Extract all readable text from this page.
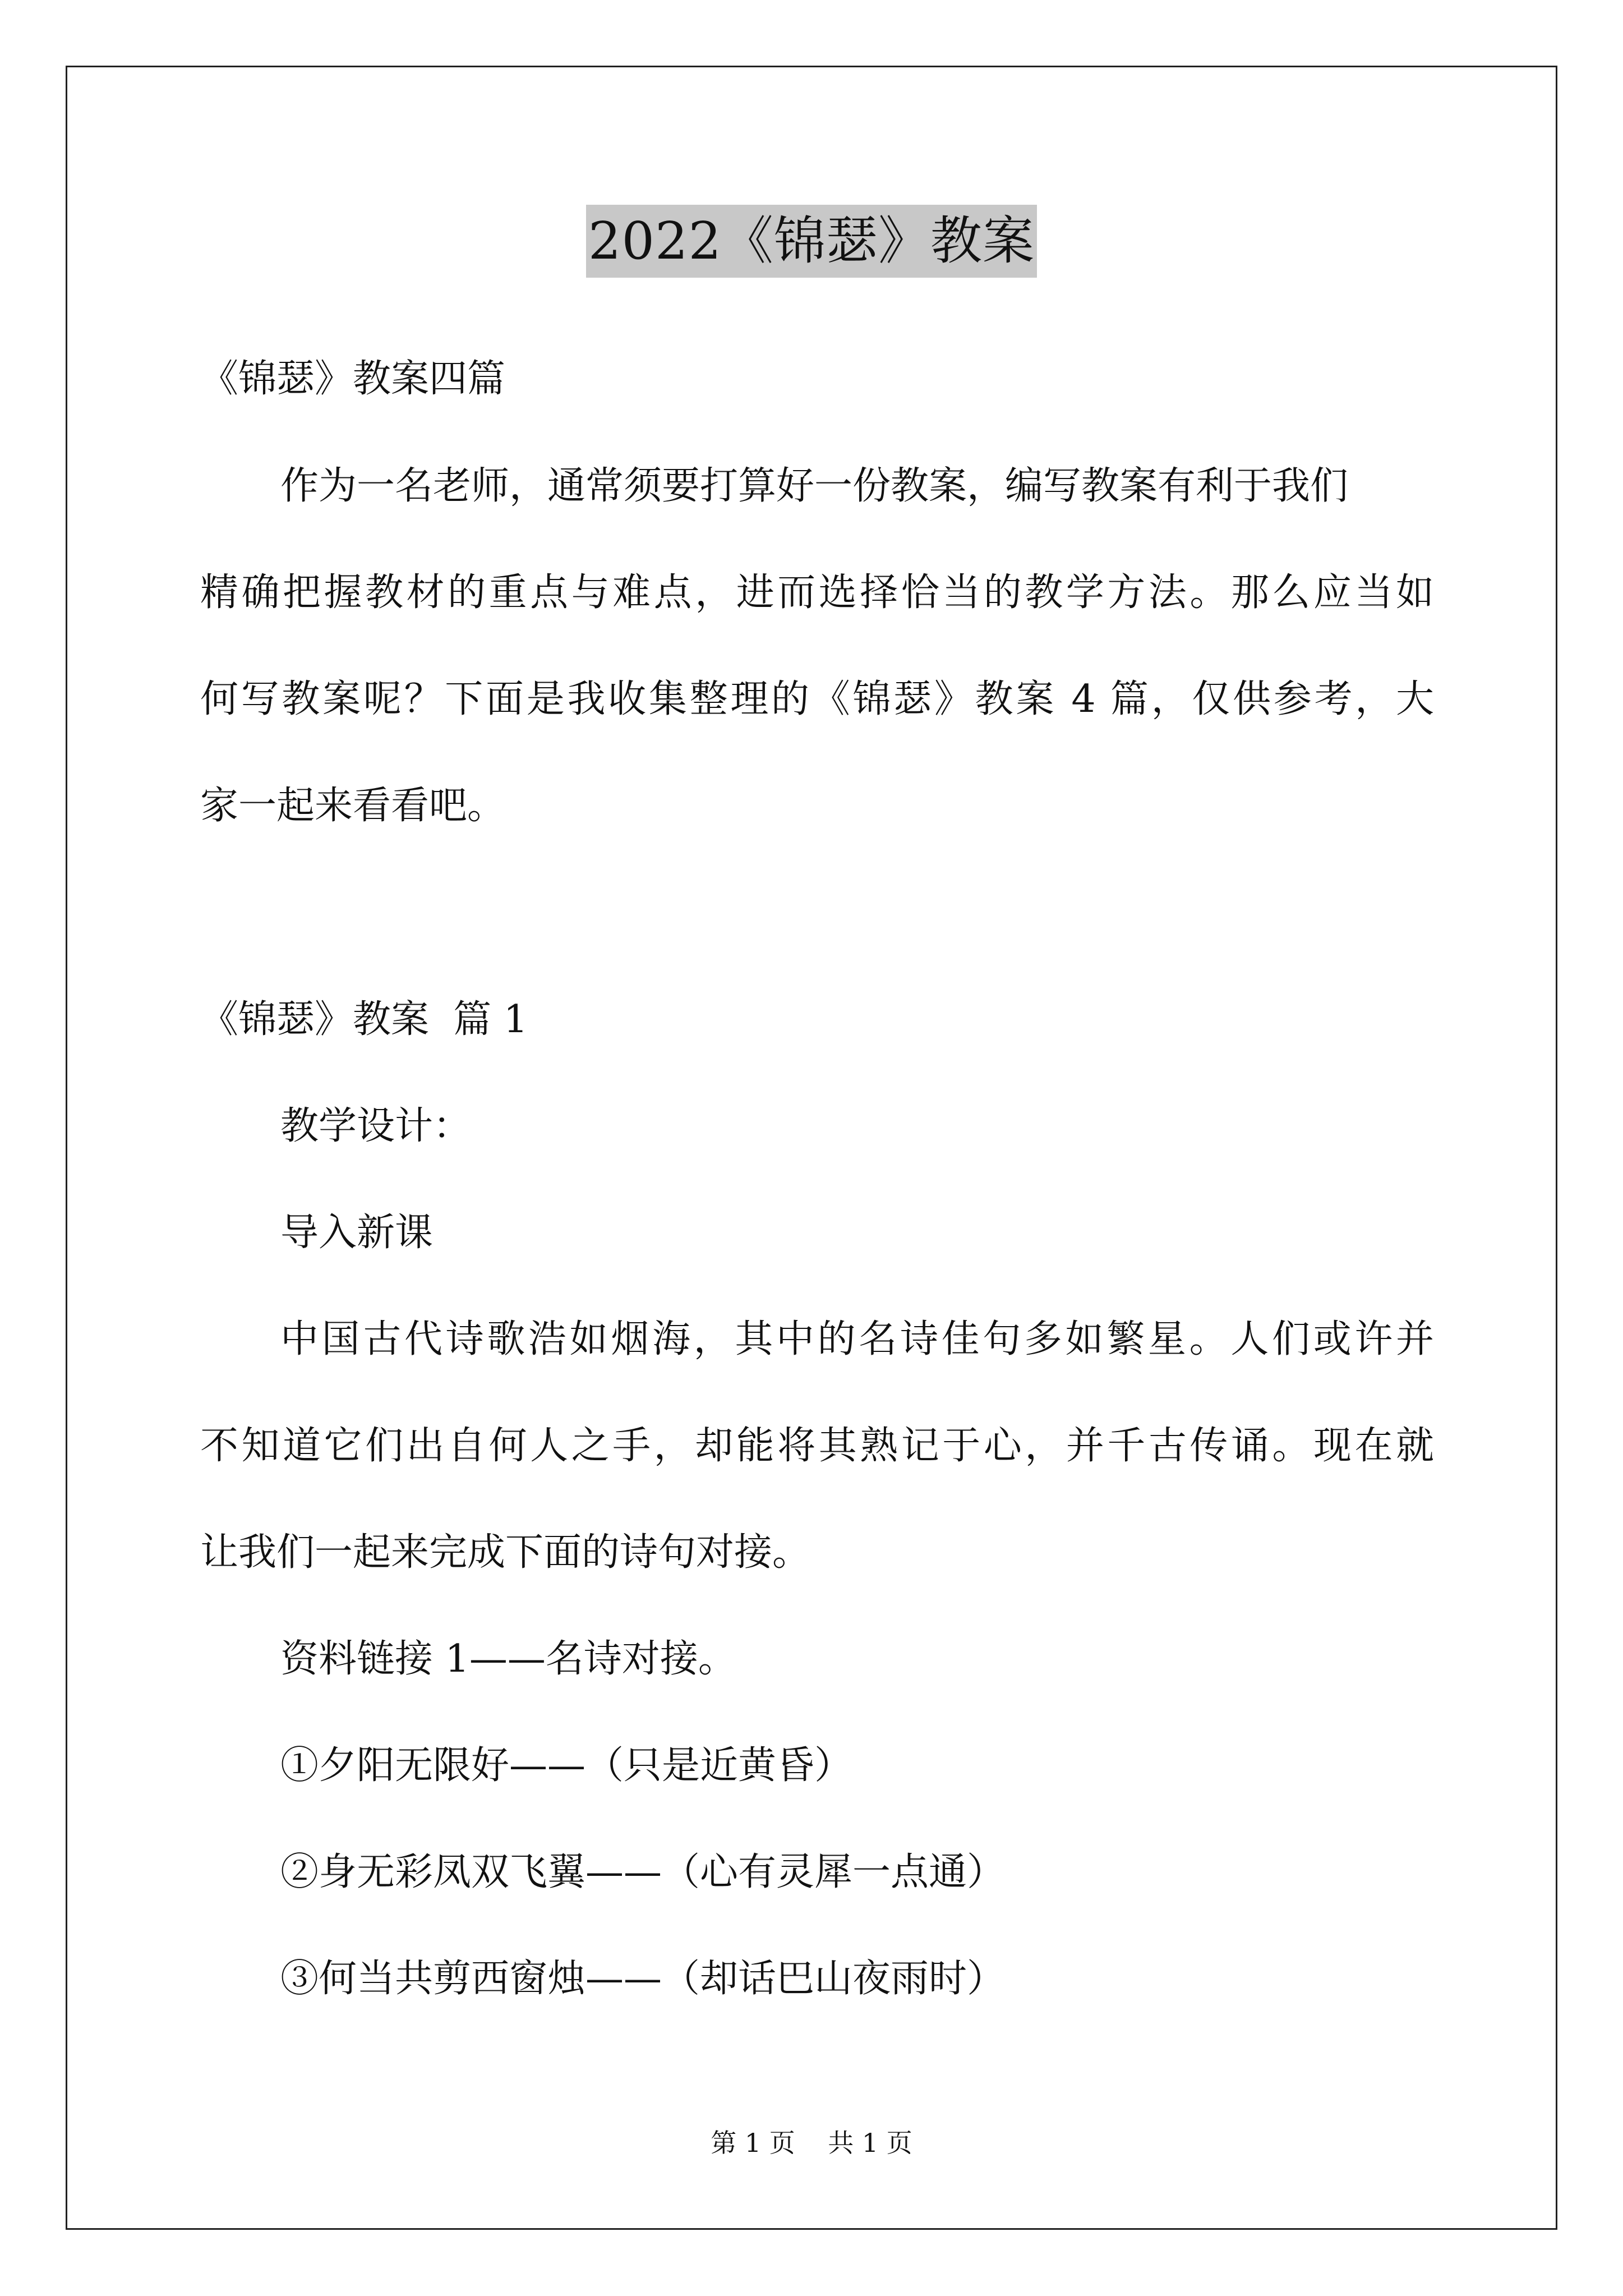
2022《锦瑟》教案
《锦瑟》教案四篇
作为一名老师，通常须要打算好一份教案，编写教案有利于我们
精确把握教材的重点与难点，进而选择恰当的教学方法。那么应当如
何写教案呢？下面是我收集整理的《锦瑟》教案 4 篇，仅供参考，大
家一起来看看吧。
《锦瑟》教案  篇 1
教学设计：
导入新课
中国古代诗歌浩如烟海，其中的名诗佳句多如繁星。人们或许并
不知道它们出自何人之手，却能将其熟记于心，并千古传诵。现在就
让我们一起来完成下面的诗句对接。
资料链接 1——名诗对接。
①夕阳无限好——（只是近黄昏）
②身无彩凤双飞翼——（心有灵犀一点通）
③何当共剪西窗烛——（却话巴山夜雨时）
第 1 页    共 1 页
